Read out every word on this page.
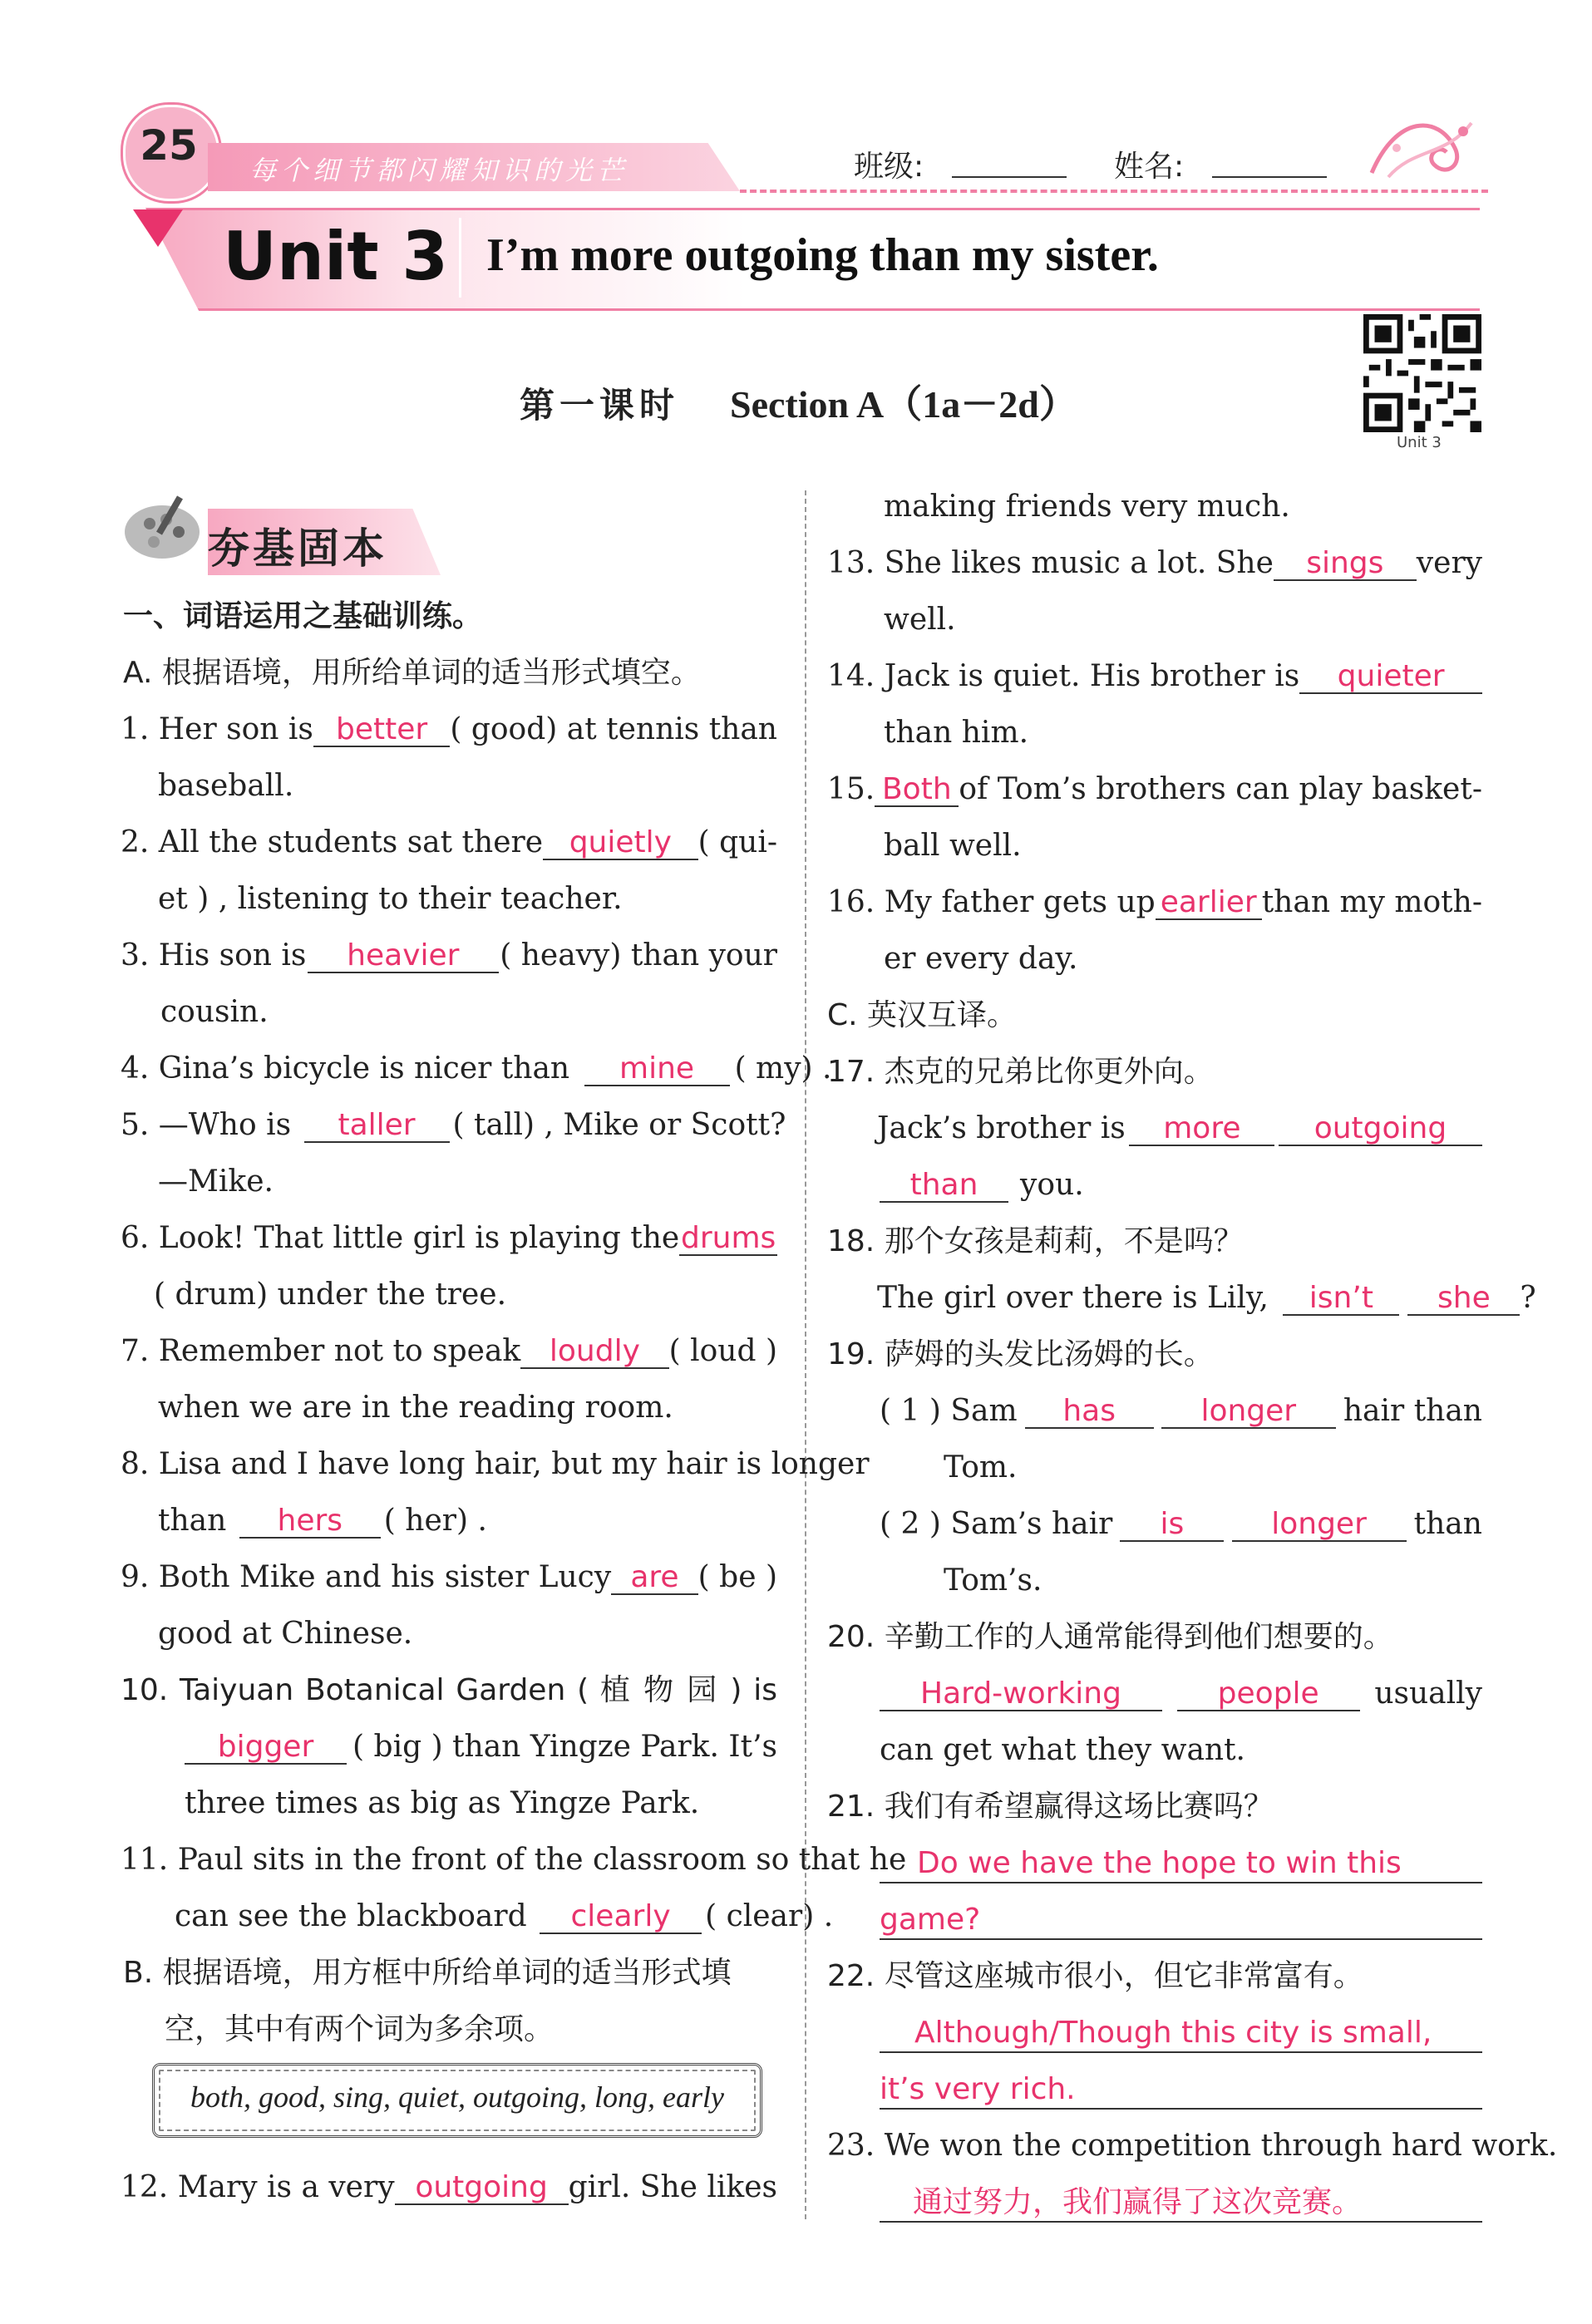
25
每个细节都闪耀知识的光芒	班级:	姓名:
Unit 3 I’m more outgoing than my sister.
第一课时 Section A（1a－2d）
Unit 3
夯基固本
一、词语运用之基础训练。
A. 根据语境，用所给单词的适当形式填空。
1. Her son is better ( good) at tennis than
baseball.
2. All the students sat there quietly ( qui-
et ) , listening to their teacher.
3. His son is	heavier	( heavy) than your
cousin.
4. Gina’s bicycle is nicer than mine ( my) .
5. —Who is taller ( tall) , Mike or Scott?
—Mike.
6. Look! That little girl is playing the drums
( drum) under the tree.
7. Remember not to speak loudly ( loud )
when we are in the reading room.
8. Lisa and I have long hair, but my hair is longer
than hers ( her) .
9. Both Mike and his sister Lucy are ( be )
good at Chinese.
10. Taiyuan Botanical Garden ( 植 物 园 ) is
bigger	( big ) than Yingze Park. It’s
three times as big as Yingze Park.
11. Paul sits in the front of the classroom so that he
can see the blackboard clearly ( clear) .
B. 根据语境，用方框中所给单词的适当形式填
空，其中有两个词为多余项。
both, good, sing, quiet, outgoing, long, early
12. Mary is a very outgoing girl. She likes
making friends very much.
13. She likes music a lot. She	sings	very
well.
14. Jack is quiet. His brother is	quieter
than him.
15. Both of Tom’s brothers can play basket-
ball well.
16. My father gets up earlier than my moth-
er every day.
C. 英汉互译。
17. 杰克的兄弟比你更外向。
Jack’s brother is	more	outgoing
than you.
18. 那个女孩是莉莉，不是吗？
The girl over there is Lily, isn’t she ?
19. 萨姆的头发比汤姆的长。
( 1 ) Sam	has	longer	hair than
Tom.
( 2 ) Sam’s hair	is	longer	than
Tom’s.
20. 辛勤工作的人通常能得到他们想要的。
Hard-working	people	usually
can get what they want.
21. 我们有希望赢得这场比赛吗？
Do we have the hope to win this
game?
22. 尽管这座城市很小，但它非常富有。
Although/Though this city is small,
it’s very rich.
23. We won the competition through hard work.
通过努力，我们赢得了这次竞赛。
